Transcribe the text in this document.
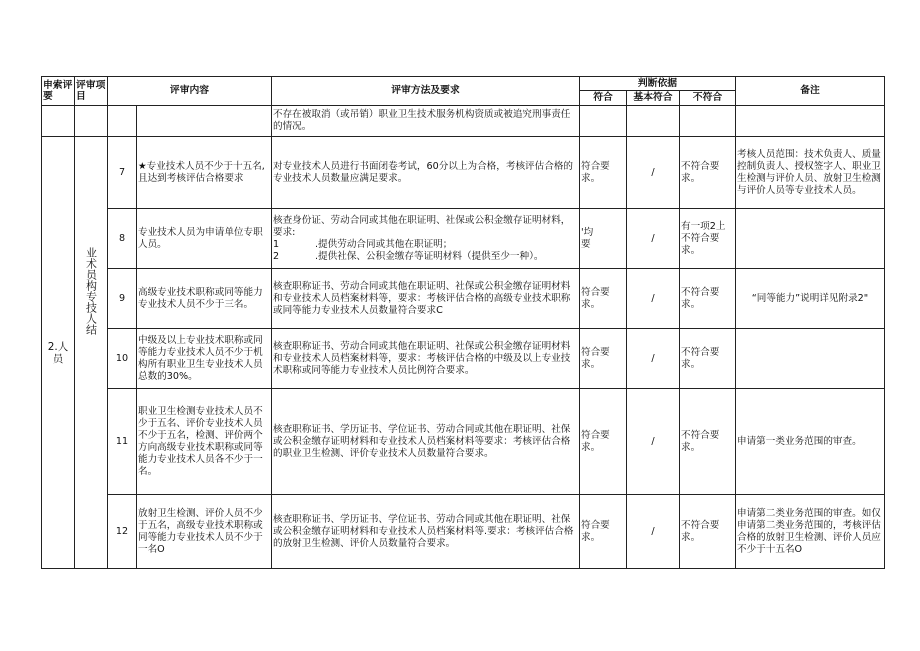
申索评要	评审项目	评审内容		评审方法及要求	判断依据			备注
					符合	基本符合	不符合	
				不存在被取消（或吊销）职业卫生技术服务机构资质或被追究刑事责任的情况。				
2.人员	业术员构专技人结	7	★专业技术人员不少于十五名,且达到考核评估合格要求	对专业技术人员进行书面闭卷考试，60分以上为合格，考核评估合格的专业技术人员数量应满足要求。	符合要求。	/	不符合要求。	考核人员范围：技术负责人、质量控制负责人、授权签字人、职业卫生检测与评价人员、放射卫生检测与评价人员等专业技术人员。
		8	专业技术人员为申请单位专职人员。	核查身份证、劳动合同或其他在职证明、社保或公积金缴存证明材料，要求:
1 .提供劳动合同或其他在职证明；
2 .提供社保、公积金缴存等证明材料（提供至少一种）。	'均要	/	有一项2上不符合要求。	
		9	高级专业技术职称或同等能力专业技术人员不少于三名。	核查职称证书、劳动合同或其他在职证明、社保或公积金缴存证明材料和专业技术人员档案材料等，要求：考核评估合格的高级专业技术职称或同等能力专业技术人员数量符合要求C	符合要求。	/	不符合要求。	“同等能力”说明详见附录2"
		10	中级及以上专业技术职称或同等能力专业技术人员不少于机构所有职业卫生专业技术人员总数的30%。	核查职称证书、劳动合同或其他在职证明、社保或公积金缴存证明材料和专业技术人员档案材料等，要求：考核评估合格的中级及以上专业技术职称或同等能力专业技术人员比例符合要求。	符合要求。	/	不符合要求。	
		11	职业卫生检测专业技术人员不少于五名、评价专业技术人员不少于五名，检测、评价两个方向高级专业技术职称或同等能力专业技术人员各不少于一名。	核查职称证书、学历证书、学位证书、劳动合同或其他在职证明、社保或公积金缴存证明材料和专业技术人员档案材料等要求：考核评估合格的职业卫生检测、评价专业技术人员数量符合要求。	符合要求。	/	不符合要求。	申请第一类业务范围的审查。
		12	放射卫生检测、评价人员不少于五名，高级专业技术职称或同等能力专业技术人员不少于一名O	核查职称证书、学历证书、学位证书、劳动合同或其他在职证明、社保或公积金缴存证明材料和专业技术人员档案材料等.要求：考核评估合格的放射卫生检测、评价人员数量符合要求。	符合要求。	/	不符合要求。	申请第二类业务范围的审查。如仅申请第二类业务范围的，考核评估合格的放射卫生检测、评价人员应不少于十五名O
